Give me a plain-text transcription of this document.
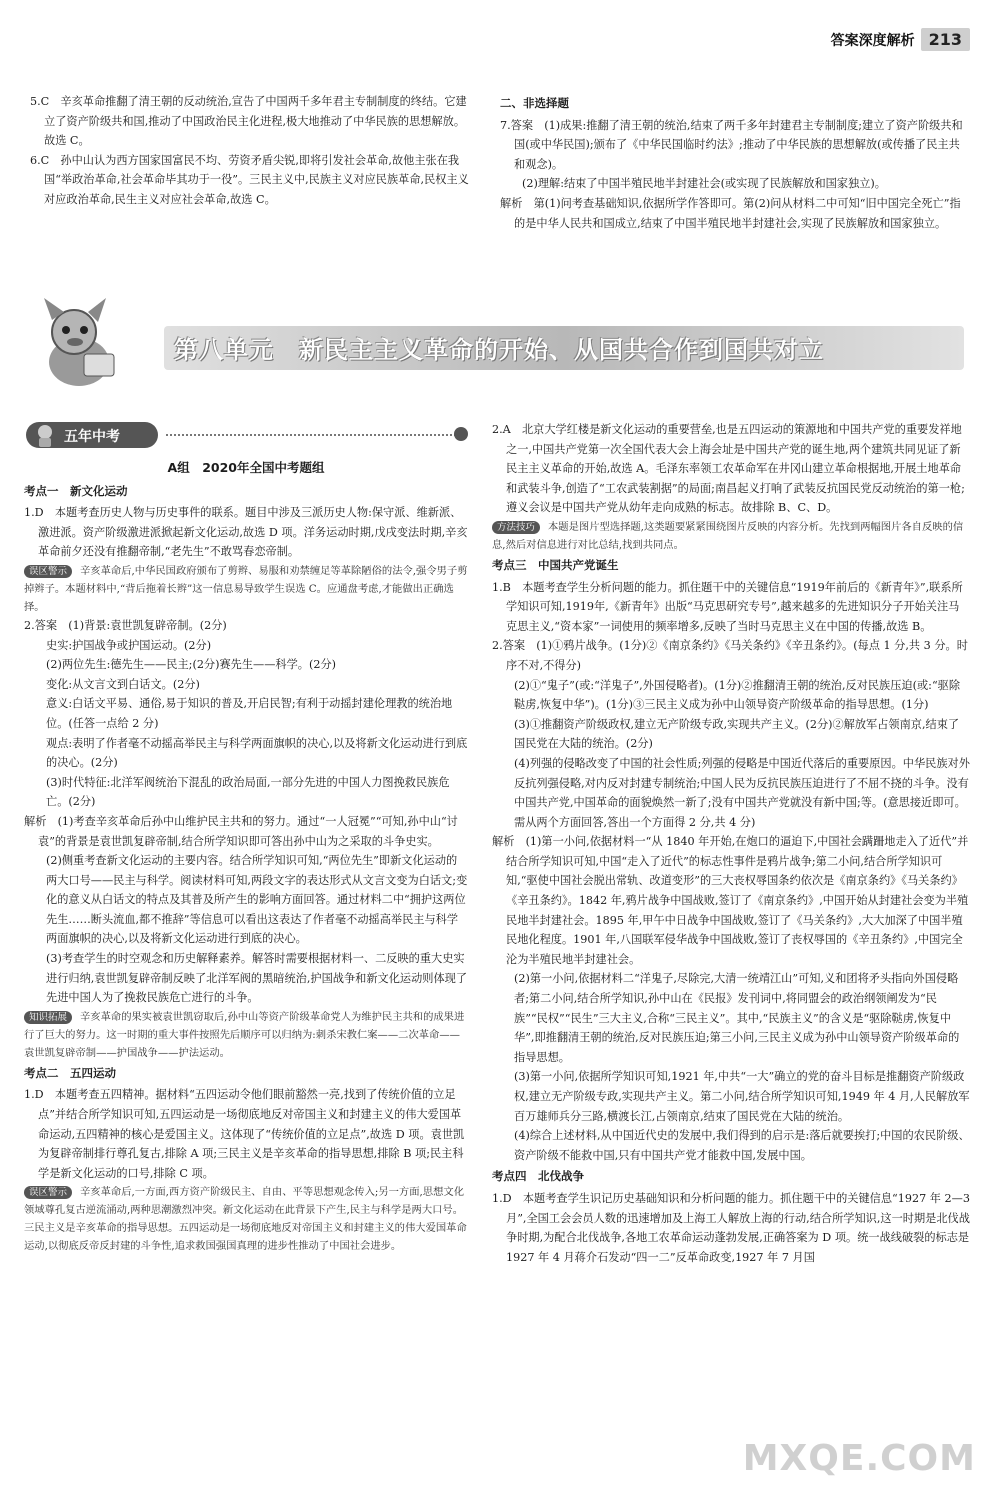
答案深度解析 213

5.C　辛亥革命推翻了清王朝的反动统治,宣告了中国两千多年君主专制制度的终结。它建立了资产阶级共和国,推动了中国政治民主化进程,极大地推动了中华民族的思想解放。故选 C。

6.C　孙中山认为西方国家国富民不均、劳资矛盾尖锐,即将引发社会革命,故他主张在我国“举政治革命,社会革命毕其功于一役”。三民主义中,民族主义对应民族革命,民权主义对应政治革命,民生主义对应社会革命,故选 C。

二、非选择题

7.答案　(1)成果:推翻了清王朝的统治,结束了两千多年封建君主专制制度;建立了资产阶级共和国(或中华民国);颁布了《中华民国临时约法》;推动了中华民族的思想解放(或传播了民主共和观念)。

(2)理解:结束了中国半殖民地半封建社会(或实现了民族解放和国家独立)。

解析　第(1)问考查基础知识,依据所学作答即可。第(2)问从材料二中可知“旧中国完全死亡”指的是中华人民共和国成立,结束了中国半殖民地半封建社会,实现了民族解放和国家独立。

第八单元　新民主主义革命的开始、从国共合作到国共对立
五年中考

A组　2020年全国中考题组

考点一　新文化运动

1.D　本题考查历史人物与历史事件的联系。题目中涉及三派历史人物:保守派、维新派、激进派。资产阶级激进派掀起新文化运动,故选 D 项。洋务运动时期,戊戌变法时期,辛亥革命前夕还没有推翻帝制,“老先生”不敢骂春恋帝制。

误区警示 辛亥革命后,中华民国政府颁布了剪辫、易服和劝禁缠足等革除陋俗的法令,强令男子剪掉辫子。本题材料中,“背后拖着长辫”这一信息易导致学生误选 C。应通盘考虑,才能做出正确选择。

2.答案　(1)背景:袁世凯复辟帝制。(2分)

史实:护国战争或护国运动。(2分)

(2)两位先生:德先生——民主;(2分)赛先生——科学。(2分)

变化:从文言文到白话文。(2分)

意义:白话文平易、通俗,易于知识的普及,开启民智;有利于动摇封建伦理教的统治地位。(任答一点给 2 分)

观点:表明了作者毫不动摇高举民主与科学两面旗帜的决心,以及将新文化运动进行到底的决心。(2分)

(3)时代特征:北洋军阀统治下混乱的政治局面,一部分先进的中国人力图挽救民族危亡。(2分)

解析　(1)考查辛亥革命后孙中山维护民主共和的努力。通过“一人冠冕”“可知,孙中山“讨袁”的背景是袁世凯复辟帝制,结合所学知识即可答出孙中山为之采取的斗争史实。

(2)侧重考查新文化运动的主要内容。结合所学知识可知,“两位先生”即新文化运动的两大口号——民主与科学。阅读材料可知,两段文字的表达形式从文言文变为白话文;变化的意义从白话文的特点及其普及所产生的影响方面回答。通过材料二中“拥护这两位先生……断头流血,都不推辞”等信息可以看出这表达了作者毫不动摇高举民主与科学两面旗帜的决心,以及将新文化运动进行到底的决心。

(3)考查学生的时空观念和历史解释素养。解答时需要根据材料一、二反映的重大史实进行归纳,袁世凯复辟帝制反映了北洋军阀的黑暗统治,护国战争和新文化运动则体现了先进中国人为了挽救民族危亡进行的斗争。

知识拓展 辛亥革命的果实被袁世凯窃取后,孙中山等资产阶级革命党人为维护民主共和的成果进行了巨大的努力。这一时期的重大事件按照先后顺序可以归纳为:刺杀宋教仁案——二次革命——袁世凯复辟帝制——护国战争——护法运动。

考点二　五四运动

1.D　本题考查五四精神。据材料“五四运动令他们眼前豁然一亮,找到了传统价值的立足点”并结合所学知识可知,五四运动是一场彻底地反对帝国主义和封建主义的伟大爱国革命运动,五四精神的核心是爱国主义。这体现了“传统价值的立足点”,故选 D 项。袁世凯为复辟帝制排行尊孔复古,排除 A 项;三民主义是辛亥革命的指导思想,排除 B 项;民主科学是新文化运动的口号,排除 C 项。

误区警示 辛亥革命后,一方面,西方资产阶级民主、自由、平等思想观念传入;另一方面,思想文化领域尊孔复古逆流涌动,两种思潮激烈冲突。新文化运动在此背景下产生,民主与科学是两大口号。三民主义是辛亥革命的指导思想。五四运动是一场彻底地反对帝国主义和封建主义的伟大爱国革命运动,以彻底反帝反封建的斗争性,追求救国强国真理的进步性推动了中国社会进步。

2.A　北京大学红楼是新文化运动的重要营垒,也是五四运动的策源地和中国共产党的重要发祥地之一,中国共产党第一次全国代表大会上海会址是中国共产党的诞生地,两个建筑共同见证了新民主主义革命的开始,故选 A。毛泽东率领工农革命军在井冈山建立革命根据地,开展土地革命和武装斗争,创造了“工农武装割据”的局面;南昌起义打响了武装反抗国民党反动统治的第一枪;遵义会议是中国共产党从幼年走向成熟的标志。故排除 B、C、D。

方法技巧 本题是图片型选择题,这类题要紧紧围绕图片反映的内容分析。先找到两幅图片各自反映的信息,然后对信息进行对比总结,找到共同点。

考点三　中国共产党诞生

1.B　本题考查学生分析问题的能力。抓住题干中的关键信息“1919年前后的《新青年》”,联系所学知识可知,1919年,《新青年》出版“马克思研究专号”,越来越多的先进知识分子开始关注马克思主义,“资本家”一词使用的频率增多,反映了当时马克思主义在中国的传播,故选 B。

2.答案　(1)①鸦片战争。(1分)②《南京条约》《马关条约》《辛丑条约》。(每点 1 分,共 3 分。时序不对,不得分)

(2)①“鬼子”(或:“洋鬼子”,外国侵略者)。(1分)②推翻清王朝的统治,反对民族压迫(或:“驱除鞑虏,恢复中华”)。(1分)③三民主义成为孙中山领导资产阶级革命的指导思想。(1分)

(3)①推翻资产阶级政权,建立无产阶级专政,实现共产主义。(2分)②解放军占领南京,结束了国民党在大陆的统治。(2分)

(4)列强的侵略改变了中国的社会性质;列强的侵略是中国近代落后的重要原因。中华民族对外反抗列强侵略,对内反对封建专制统治;中国人民为反抗民族压迫进行了不屈不挠的斗争。没有中国共产党,中国革命的面貌焕然一新了;没有中国共产党就没有新中国;等。(意思接近即可。需从两个方面回答,答出一个方面得 2 分,共 4 分)

解析　(1)第一小问,依据材料一“从 1840 年开始,在炮口的逼迫下,中国社会蹒跚地走入了近代”并结合所学知识可知,中国“走入了近代”的标志性事件是鸦片战争;第二小问,结合所学知识可知,“驱使中国社会脱出常轨、改道变形”的三大丧权辱国条约依次是《南京条约》《马关条约》《辛丑条约》。1842 年,鸦片战争中国战败,签订了《南京条约》,中国开始从封建社会变为半殖民地半封建社会。1895 年,甲午中日战争中国战败,签订了《马关条约》,大大加深了中国半殖民地化程度。1901 年,八国联军侵华战争中国战败,签订了丧权辱国的《辛丑条约》,中国完全沦为半殖民地半封建社会。

(2)第一小问,依据材料二“洋鬼子,尽除完,大清一统靖江山”可知,义和团将矛头指向外国侵略者;第二小问,结合所学知识,孙中山在《民报》发刊词中,将同盟会的政治纲领阐发为“民族”“民权”“民生”三大主义,合称“三民主义”。其中,“民族主义”的含义是“驱除鞑虏,恢复中华”,即推翻清王朝的统治,反对民族压迫;第三小问,三民主义成为孙中山领导资产阶级革命的指导思想。

(3)第一小问,依据所学知识可知,1921 年,中共“一大”确立的党的奋斗目标是推翻资产阶级政权,建立无产阶级专政,实现共产主义。第二小问,结合所学知识可知,1949 年 4 月,人民解放军百万雄师兵分三路,横渡长江,占领南京,结束了国民党在大陆的统治。

(4)综合上述材料,从中国近代史的发展中,我们得到的启示是:落后就要挨打;中国的农民阶级、资产阶级不能救中国,只有中国共产党才能救中国,发展中国。

考点四　北伐战争

1.D　本题考查学生识记历史基础知识和分析问题的能力。抓住题干中的关键信息“1927 年 2—3 月”,全国工会会员人数的迅速增加及上海工人解放上海的行动,结合所学知识,这一时期是北伐战争时期,为配合北伐战争,各地工农革命运动蓬勃发展,正确答案为 D 项。统一战线破裂的标志是 1927 年 4 月蒋介石发动“四一二”反革命政变,1927 年 7 月国

MXQE.COM
